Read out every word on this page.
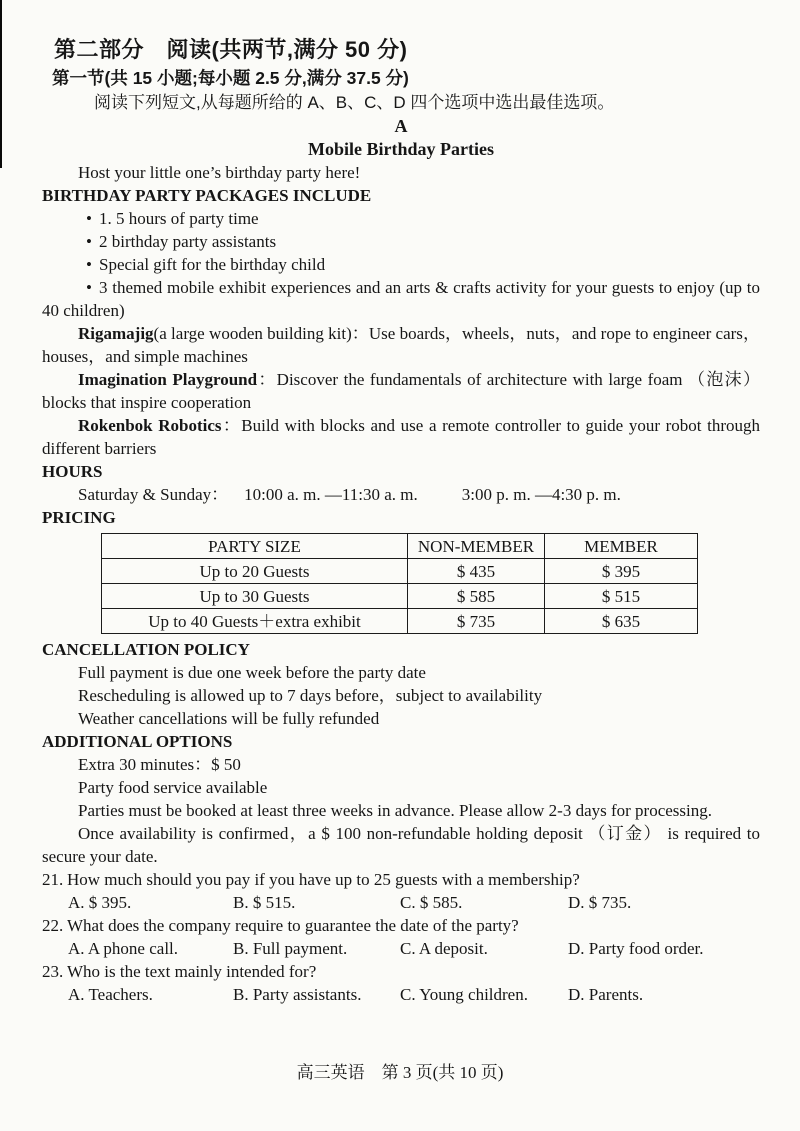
第二部分　阅读(共两节,满分 50 分)
第一节(共 15 小题;每小题 2.5 分,满分 37.5 分)
阅读下列短文,从每题所给的 A、B、C、D 四个选项中选出最佳选项。
A
Mobile Birthday Parties

Host your little one’s birthday party here!

BIRTHDAY PARTY PACKAGES INCLUDE

• 1. 5 hours of party time

• 2 birthday party assistants

• Special gift for the birthday child

• 3 themed mobile exhibit experiences and an arts & crafts activity for your guests to enjoy (up to 40 children)

Rigamajig(a large wooden building kit)：Use boards，wheels，nuts，and rope to engineer cars，houses，and simple machines

Imagination Playground：Discover the fundamentals of architecture with large foam （泡沫） blocks that inspire cooperation

Rokenbok Robotics：Build with blocks and use a remote controller to guide your robot through different barriers

HOURS

Saturday & Sunday： 10:00 a. m. —11:30 a. m.	3:00 p. m. —4:30 p. m.

PRICING

PARTY SIZE	NON-MEMBER	MEMBER
Up to 20 Guests	$ 435	$ 395
Up to 30 Guests	$ 585	$ 515
Up to 40 Guests＋extra exhibit	$ 735	$ 635

CANCELLATION POLICY

Full payment is due one week before the party date

Rescheduling is allowed up to 7 days before，subject to availability

Weather cancellations will be fully refunded

ADDITIONAL OPTIONS

Extra 30 minutes：$ 50

Party food service available

Parties must be booked at least three weeks in advance. Please allow 2-3 days for processing.

Once availability is confirmed，a $ 100 non-refundable holding deposit （订金） is required to secure your date.

21. How much should you pay if you have up to 25 guests with a membership?

A. $ 395.	B. $ 515.	C. $ 585.	D. $ 735.

22. What does the company require to guarantee the date of the party?

A. A phone call.	B. Full payment.	C. A deposit.	D. Party food order.

23. Who is the text mainly intended for?

A. Teachers.	B. Party assistants.	C. Young children.	D. Parents.
高三英语　第 3 页(共 10 页)
